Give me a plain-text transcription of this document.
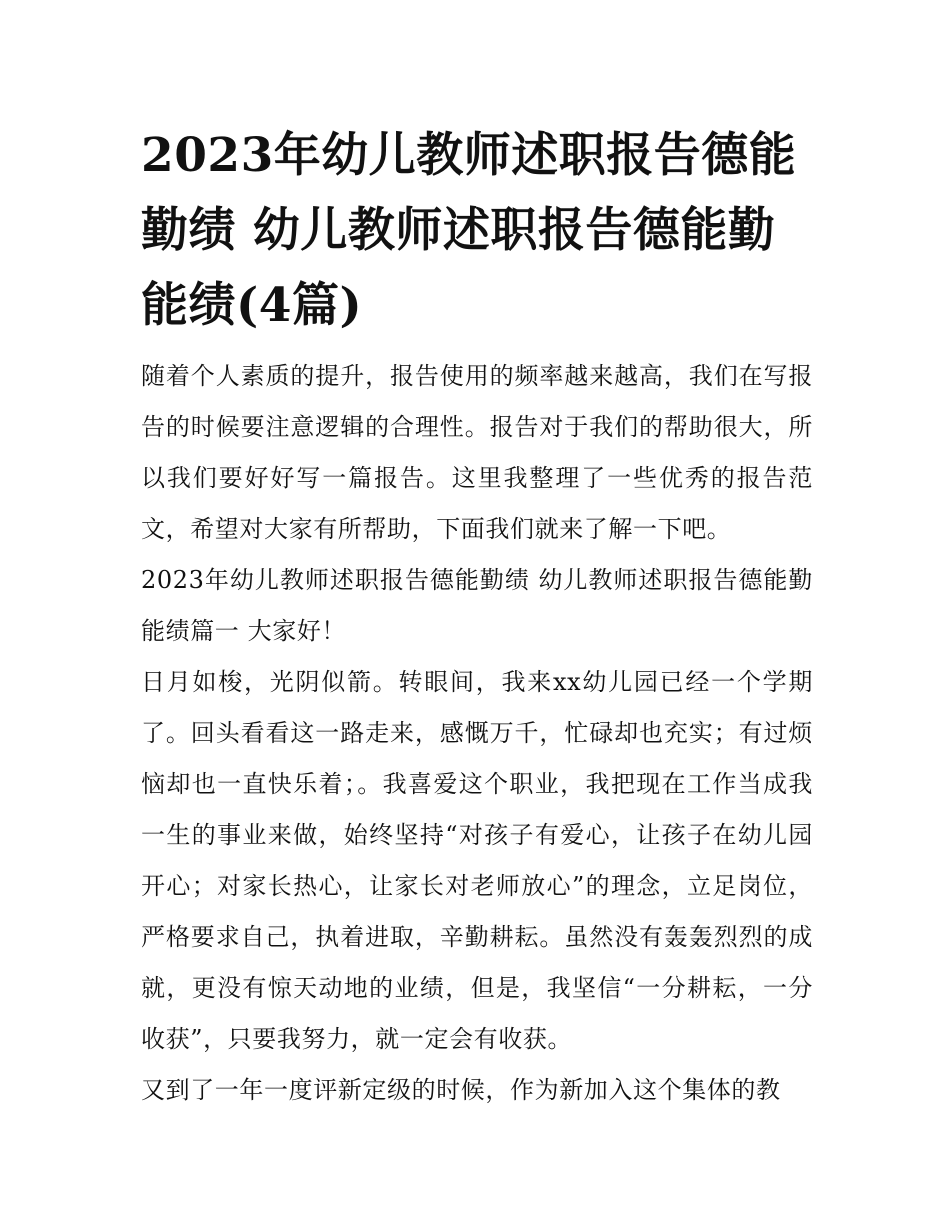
2023年幼儿教师述职报告德能勤绩 幼儿教师述职报告德能勤能绩(4篇)

随着个人素质的提升，报告使用的频率越来越高，我们在写报告的时候要注意逻辑的合理性。报告对于我们的帮助很大，所以我们要好好写一篇报告。这里我整理了一些优秀的报告范文，希望对大家有所帮助，下面我们就来了解一下吧。

2023年幼儿教师述职报告德能勤绩 幼儿教师述职报告德能勤能绩篇一 大家好！

日月如梭，光阴似箭。转眼间，我来xx幼儿园已经一个学期了。回头看看这一路走来，感慨万千，忙碌却也充实；有过烦恼却也一直快乐着；。我喜爱这个职业，我把现在工作当成我一生的事业来做，始终坚持“对孩子有爱心，让孩子在幼儿园开心；对家长热心，让家长对老师放心”的理念，立足岗位，严格要求自己，执着进取，辛勤耕耘。虽然没有轰轰烈烈的成就，更没有惊天动地的业绩，但是，我坚信“一分耕耘，一分收获”，只要我努力，就一定会有收获。

又到了一年一度评新定级的时候，作为新加入这个集体的教
